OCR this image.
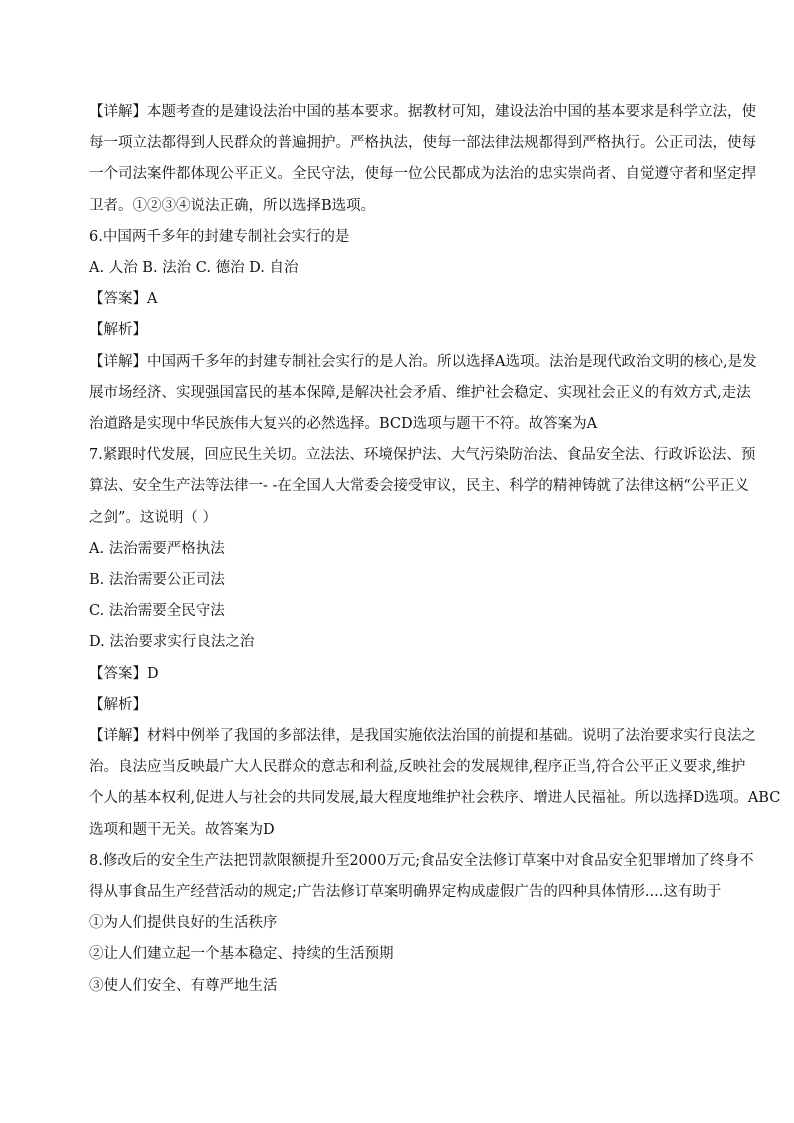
【详解】本题考查的是建设法治中国的基本要求。据教材可知，建设法治中国的基本要求是科学立法，使
每一项立法都得到人民群众的普遍拥护。严格执法，使每一部法律法规都得到严格执行。公正司法，使每
一个司法案件都体现公平正义。全民守法，使每一位公民都成为法治的忠实崇尚者、自觉遵守者和坚定捍
卫者。①②③④说法正确，所以选择B选项。
6.中国两千多年的封建专制社会实行的是
A. 人治 B. 法治 C. 德治 D. 自治
【答案】A
【解析】
【详解】中国两千多年的封建专制社会实行的是人治。所以选择A选项。法治是现代政治文明的核心,是发
展市场经济、实现强国富民的基本保障,是解决社会矛盾、维护社会稳定、实现社会正义的有效方式,走法
治道路是实现中华民族伟大复兴的必然选择。BCD选项与题干不符。故答案为A
7.紧跟时代发展，回应民生关切。立法法、环境保护法、大气污染防治法、食品安全法、行政诉讼法、预
算法、安全生产法等法律一- -在全国人大常委会接受审议，民主、科学的精神铸就了法律这柄“公平正义
之剑”。这说明（ ）
A. 法治需要严格执法
B. 法治需要公正司法
C. 法治需要全民守法
D. 法治要求实行良法之治
【答案】D
【解析】
【详解】材料中例举了我国的多部法律，是我国实施依法治国的前提和基础。说明了法治要求实行良法之
治。良法应当反映最广大人民群众的意志和利益,反映社会的发展规律,程序正当,符合公平正义要求,维护
个人的基本权利,促进人与社会的共同发展,最大程度地维护社会秩序、增进人民福祉。所以选择D选项。ABC
选项和题干无关。故答案为D
8.修改后的安全生产法把罚款限额提升至2000万元;食品安全法修订草案中对食品安全犯罪增加了终身不
得从事食品生产经营活动的规定;广告法修订草案明确界定构成虚假广告的四种具体情形....这有助于
①为人们提供良好的生活秩序
②让人们建立起一个基本稳定、持续的生活预期
③使人们安全、有尊严地生活
